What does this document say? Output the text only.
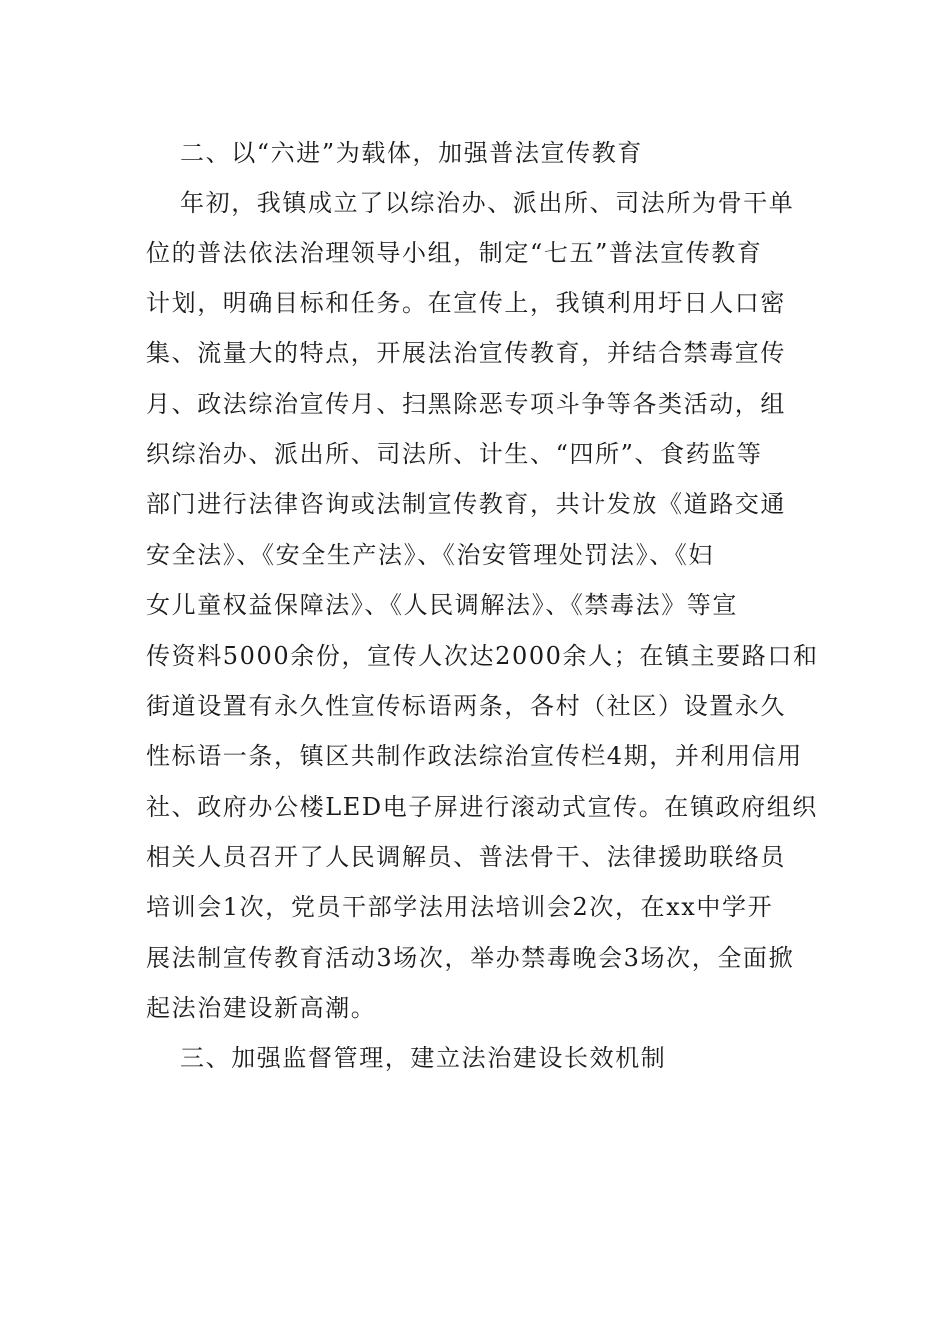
二、以“六进”为载体，加强普法宣传教育
年初，我镇成立了以综治办、派出所、司法所为骨干单
位的普法依法治理领导小组，制定“七五”普法宣传教育
计划，明确目标和任务。在宣传上，我镇利用圩日人口密
集、流量大的特点，开展法治宣传教育，并结合禁毒宣传
月、政法综治宣传月、扫黑除恶专项斗争等各类活动，组
织综治办、派出所、司法所、计生、“四所”、食药监等
部门进行法律咨询或法制宣传教育，共计发放《道路交通
安全法》、《安全生产法》、《治安管理处罚法》、《妇
女儿童权益保障法》、《人民调解法》、《禁毒法》等宣
传资料5000余份，宣传人次达2000余人；在镇主要路口和
街道设置有永久性宣传标语两条，各村（社区）设置永久
性标语一条，镇区共制作政法综治宣传栏4期，并利用信用
社、政府办公楼LED电子屏进行滚动式宣传。在镇政府组织
相关人员召开了人民调解员、普法骨干、法律援助联络员
培训会1次，党员干部学法用法培训会2次，在xx中学开
展法制宣传教育活动3场次，举办禁毒晚会3场次，全面掀
起法治建设新高潮。
三、加强监督管理，建立法治建设长效机制
